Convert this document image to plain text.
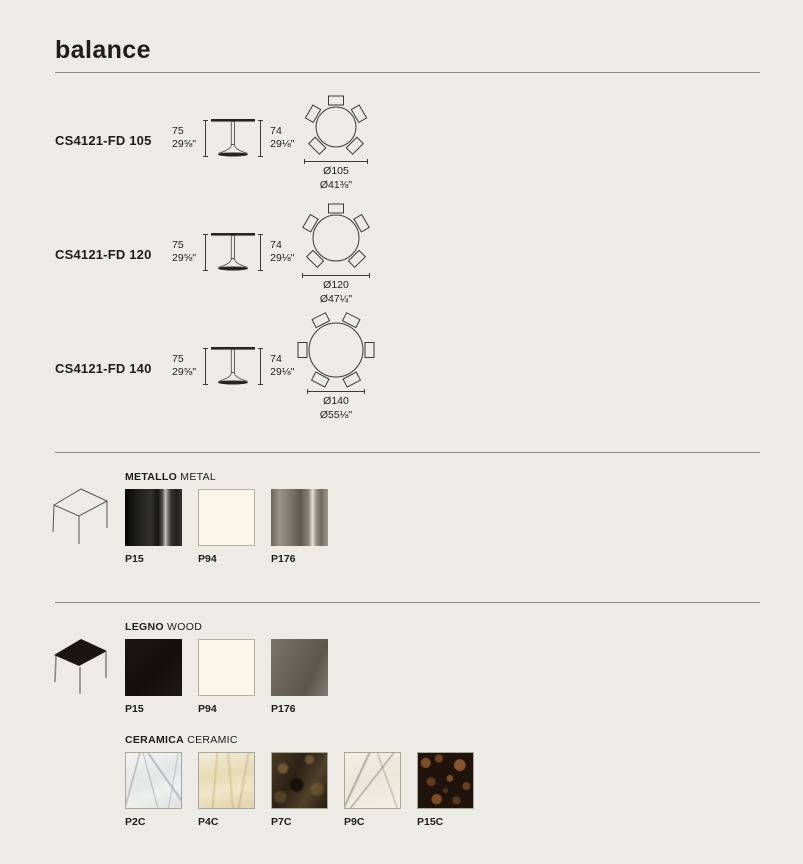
balance
CS4121-FD 105
75
29⅝"
74
29⅛"
Ø105
Ø41⅜"
CS4121-FD 120
75
29⅝"
74
29⅛"
Ø120
Ø47¼"
CS4121-FD 140
75
29⅝"
74
29⅛"
Ø140
Ø55⅛"
METALLO METAL
P15	P94	P176
LEGNO WOOD
P15	P94	P176
CERAMICA CERAMIC
P2C	P4C	P7C	P9C	P15C
